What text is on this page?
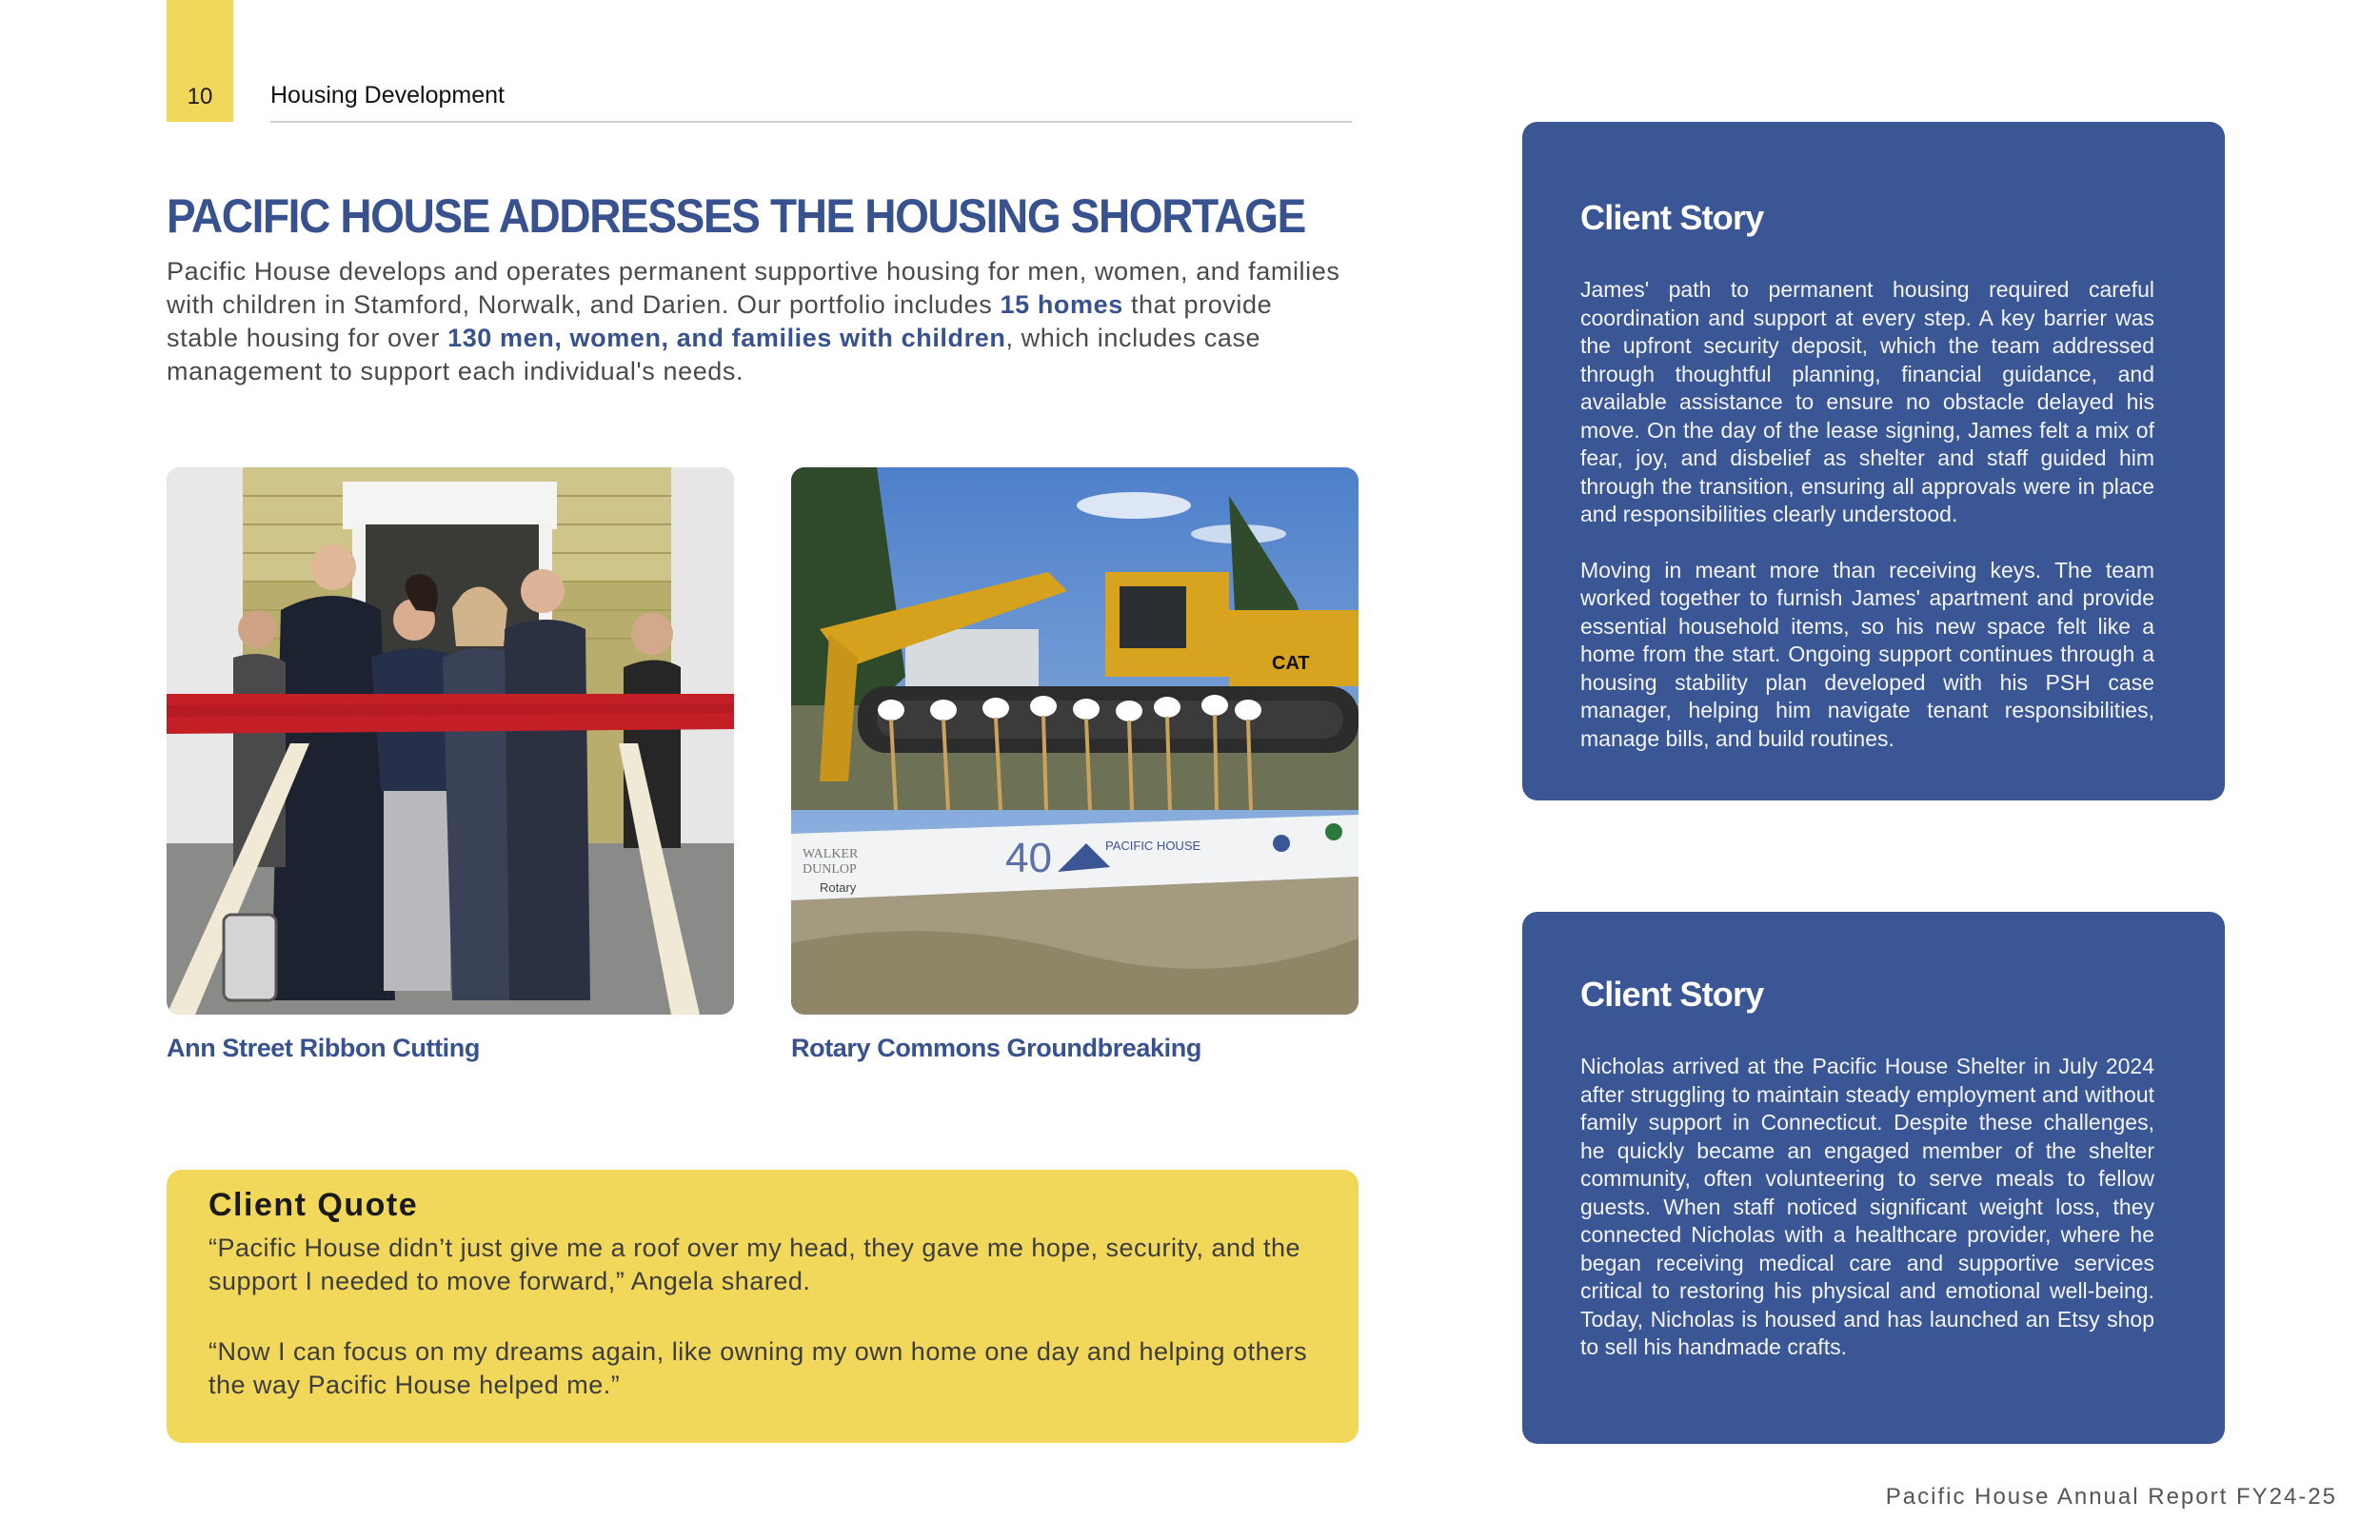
10 Housing Development
PACIFIC HOUSE ADDRESSES THE HOUSING SHORTAGE

Pacific House develops and operates permanent supportive housing for men, women, and families with children in Stamford, Norwalk, and Darien. Our portfolio includes 15 homes that provide stable housing for over 130 men, women, and families with children, which includes case management to support each individual's needs.

Ann Street Ribbon Cutting
CAT
WALKER
DUNLOP
Rotary
40	PACIFIC HOUSE
Rotary Commons Groundbreaking
Client Quote

“Pacific House didn’t just give me a roof over my head, they gave me hope, security, and the support I needed to move forward,” Angela shared.

“Now I can focus on my dreams again, like owning my own home one day and helping others the way Pacific House helped me.”

Client Story

James' path to permanent housing required careful coordination and support at every step. A key barrier was the upfront security deposit, which the team addressed through thoughtful planning, financial guidance, and available assistance to ensure no obstacle delayed his move. On the day of the lease signing, James felt a mix of fear, joy, and disbelief as shelter and staff guided him through the transition, ensuring all approvals were in place and responsibilities clearly understood.

Moving in meant more than receiving keys. The team worked together to furnish James' apartment and provide essential household items, so his new space felt like a home from the start. Ongoing support continues through a housing stability plan developed with his PSH case manager, helping him navigate tenant responsibilities, manage bills, and build routines.

Client Story

Nicholas arrived at the Pacific House Shelter in July 2024 after struggling to maintain steady employment and without family support in Connecticut. Despite these challenges, he quickly became an engaged member of the shelter community, often volunteering to serve meals to fellow guests. When staff noticed significant weight loss, they connected Nicholas with a healthcare provider, where he began receiving medical care and supportive services critical to restoring his physical and emotional well-being. Today, Nicholas is housed and has launched an Etsy shop to sell his handmade crafts.

Pacific House Annual Report FY24-25
